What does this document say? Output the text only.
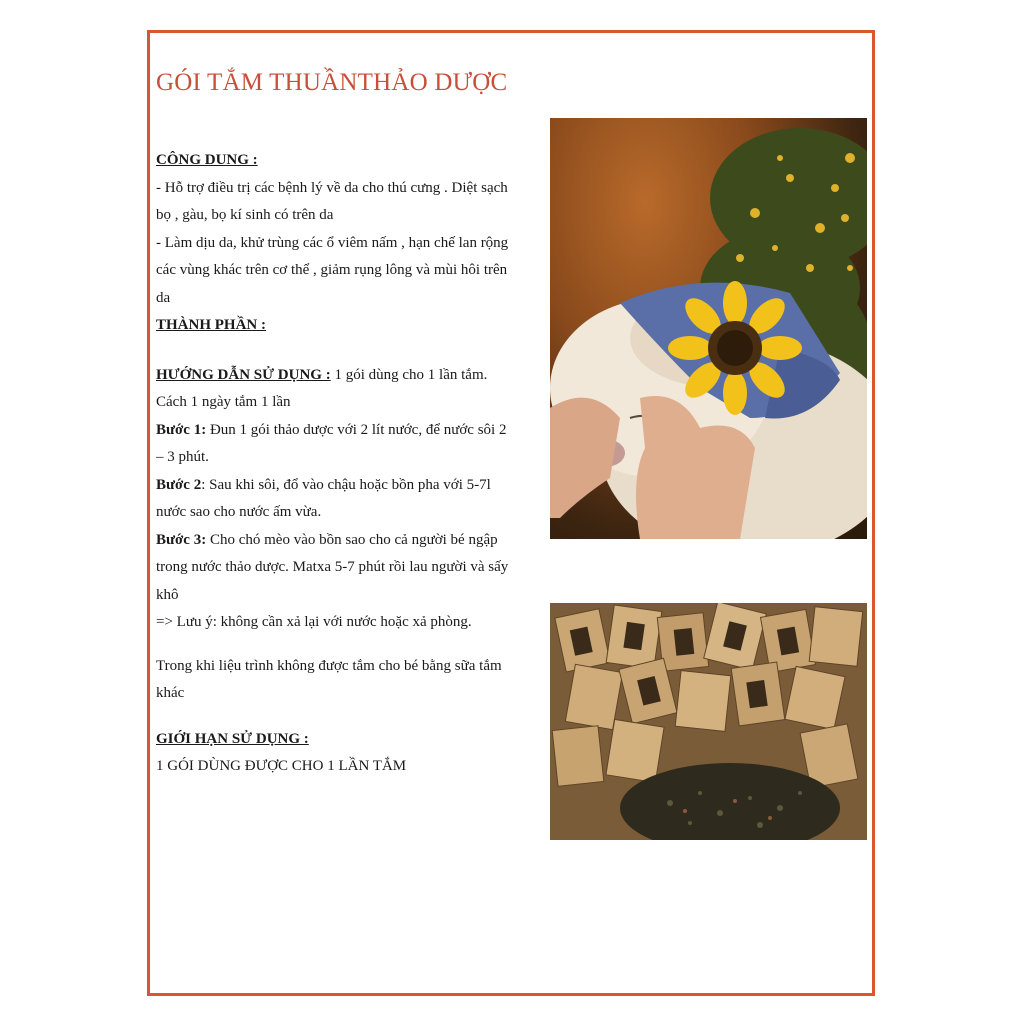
GÓI TẮM THUẦNTHẢO DƯỢC

CÔNG DUNG :

- Hỗ trợ điều trị các bệnh lý về da cho thú cưng . Diệt sạch bọ , gàu, bọ kí sinh có trên da

- Làm dịu da, khử trùng các ổ viêm nấm , hạn chế lan rộng các vùng khác trên cơ thể , giảm rụng lông và mùi hôi trên da

THÀNH PHẦN :

HƯỚNG DẪN SỬ DỤNG : 1 gói dùng cho 1 lần tắm. Cách 1 ngày tắm 1 lần

Bước 1: Đun 1 gói thảo dược với 2 lít nước, để nước sôi 2 – 3 phút.

Bước 2: Sau khi sôi, đổ vào chậu hoặc bồn pha với 5-7l nước sao cho nước ấm vừa.

Bước 3: Cho chó mèo vào bồn sao cho cả người bé ngập trong nước thảo dược. Matxa 5-7 phút rồi lau người và sấy khô

=> Lưu ý: không cần xả lại với nước hoặc xả phòng.

Trong khi liệu trình không được tắm cho bé bằng sữa tắm khác

GIỚI HẠN SỬ DỤNG :

1 GÓI DÙNG ĐƯỢC CHO 1 LẦN TẮM
